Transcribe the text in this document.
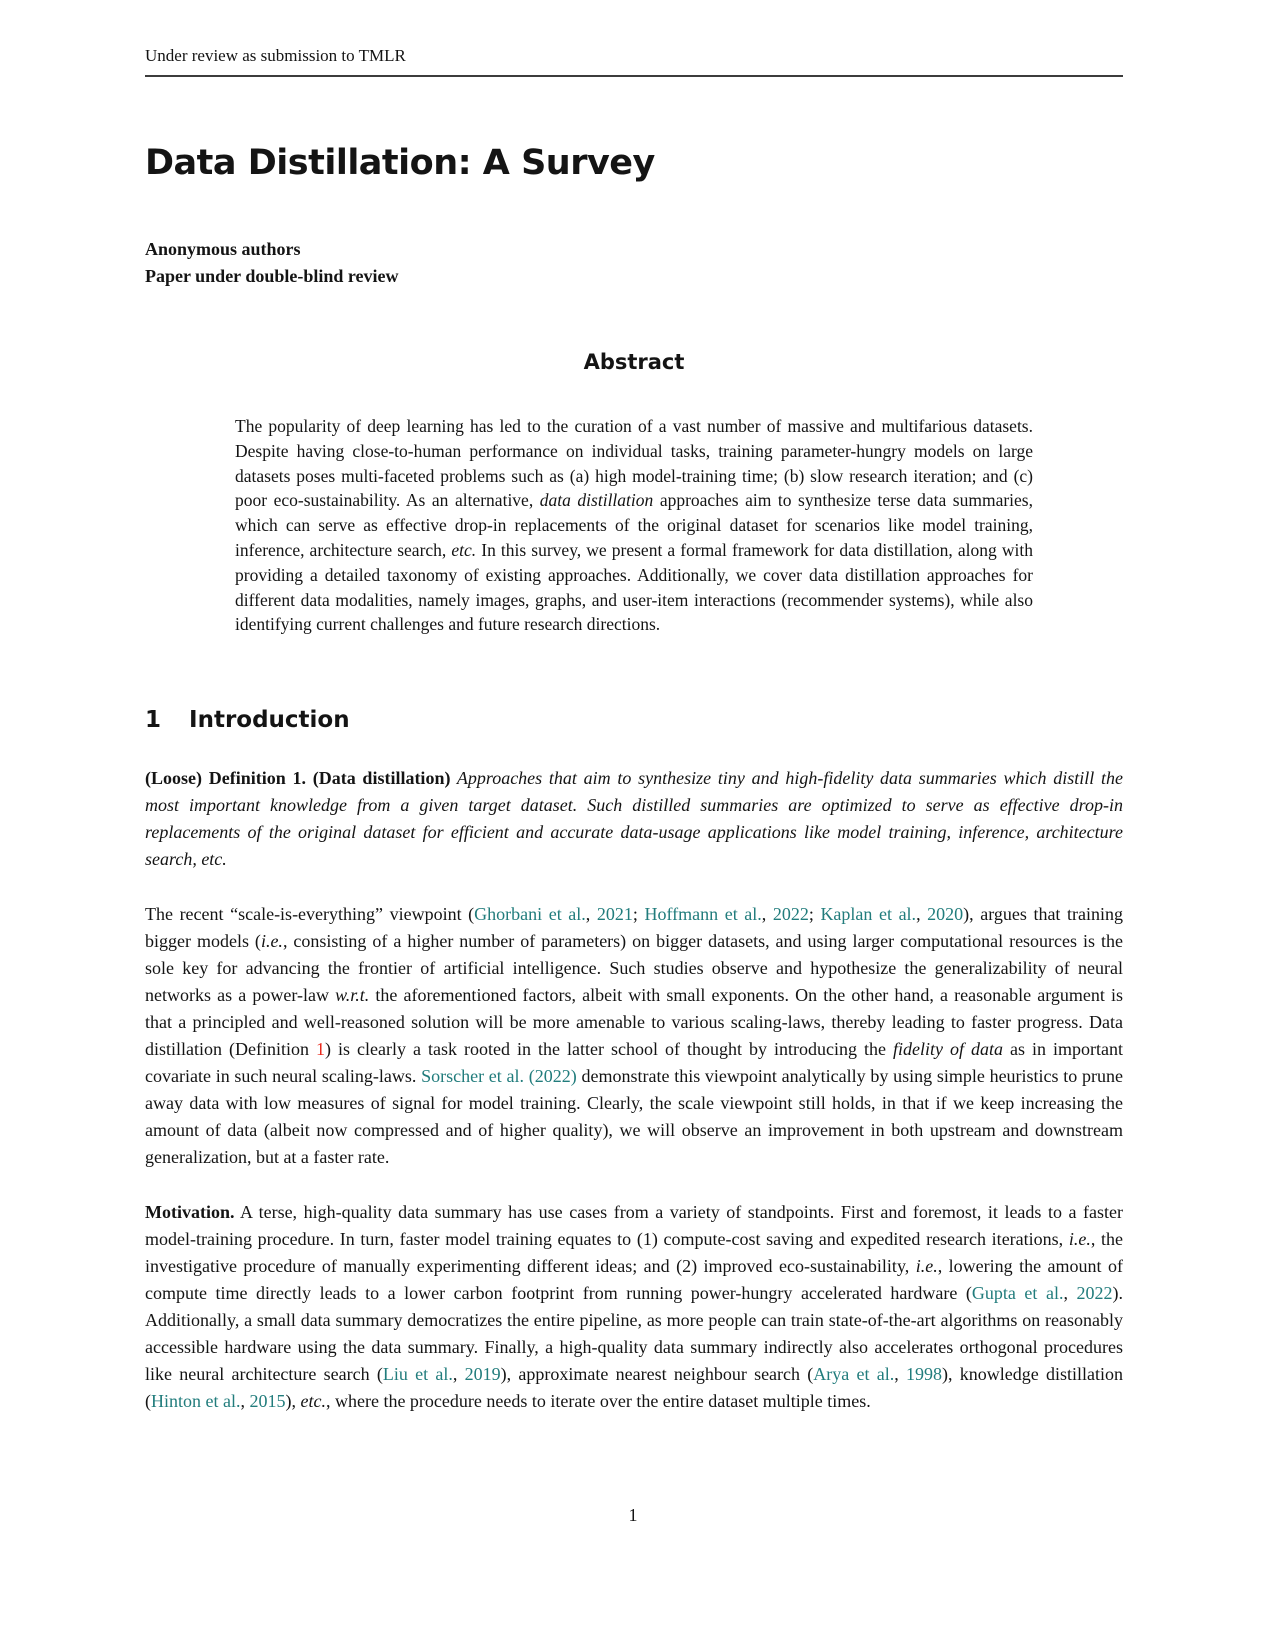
Under review as submission to TMLR
Data Distillation: A Survey
Anonymous authors
Paper under double-blind review
Abstract
The popularity of deep learning has led to the curation of a vast number of massive and multifarious datasets. Despite having close-to-human performance on individual tasks, training parameter-hungry models on large datasets poses multi-faceted problems such as (a) high model-training time; (b) slow research iteration; and (c) poor eco-sustainability. As an alternative, data distillation approaches aim to synthesize terse data summaries, which can serve as effective drop-in replacements of the original dataset for scenarios like model training, inference, architecture search, etc. In this survey, we present a formal framework for data distillation, along with providing a detailed taxonomy of existing approaches. Additionally, we cover data distillation approaches for different data modalities, namely images, graphs, and user-item interactions (recommender systems), while also identifying current challenges and future research directions.
1 Introduction
(Loose) Definition 1. (Data distillation) Approaches that aim to synthesize tiny and high-fidelity data summaries which distill the most important knowledge from a given target dataset. Such distilled summaries are optimized to serve as effective drop-in replacements of the original dataset for efficient and accurate data-usage applications like model training, inference, architecture search, etc.
The recent “scale-is-everything” viewpoint (Ghorbani et al., 2021; Hoffmann et al., 2022; Kaplan et al., 2020), argues that training bigger models (i.e., consisting of a higher number of parameters) on bigger datasets, and using larger computational resources is the sole key for advancing the frontier of artificial intelligence. Such studies observe and hypothesize the generalizability of neural networks as a power-law w.r.t. the aforementioned factors, albeit with small exponents. On the other hand, a reasonable argument is that a principled and well-reasoned solution will be more amenable to various scaling-laws, thereby leading to faster progress. Data distillation (Definition 1) is clearly a task rooted in the latter school of thought by introducing the fidelity of data as in important covariate in such neural scaling-laws. Sorscher et al. (2022) demonstrate this viewpoint analytically by using simple heuristics to prune away data with low measures of signal for model training. Clearly, the scale viewpoint still holds, in that if we keep increasing the amount of data (albeit now compressed and of higher quality), we will observe an improvement in both upstream and downstream generalization, but at a faster rate.
Motivation. A terse, high-quality data summary has use cases from a variety of standpoints. First and foremost, it leads to a faster model-training procedure. In turn, faster model training equates to (1) compute-cost saving and expedited research iterations, i.e., the investigative procedure of manually experimenting different ideas; and (2) improved eco-sustainability, i.e., lowering the amount of compute time directly leads to a lower carbon footprint from running power-hungry accelerated hardware (Gupta et al., 2022). Additionally, a small data summary democratizes the entire pipeline, as more people can train state-of-the-art algorithms on reasonably accessible hardware using the data summary. Finally, a high-quality data summary indirectly also accelerates orthogonal procedures like neural architecture search (Liu et al., 2019), approximate nearest neighbour search (Arya et al., 1998), knowledge distillation (Hinton et al., 2015), etc., where the procedure needs to iterate over the entire dataset multiple times.
1
